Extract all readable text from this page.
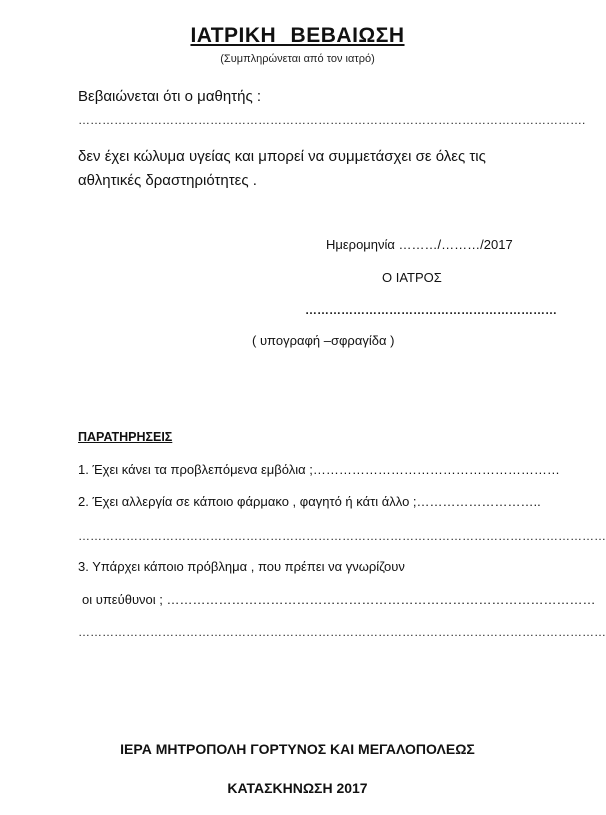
ΙΑΤΡΙΚΗ ΒΕΒΑΙΩΣΗ
(Συμπληρώνεται από τον ιατρό)
Βεβαιώνεται ότι ο μαθητής :
……………………………………………………………………………………………………………….
δεν έχει κώλυμα υγείας και μπορεί να συμμετάσχει σε όλες τις
αθλητικές δραστηριότητες .
Ημερομηνία ………/………/2017
Ο ΙΑΤΡΟΣ
………………………………………………………
( υπογραφή –σφραγίδα )
ΠΑΡΑΤΗΡΗΣΕΙΣ
1. Έχει κάνει τα προβλεπόμενα εμβόλια ;…………………………………………………
2. Έχει αλλεργία σε κάποιο φάρμακο , φαγητό ή κάτι άλλο ;………………………..
……………………………………………………………………………………………………………………
3. Υπάρχει κάποιο πρόβλημα , που πρέπει να γνωρίζουν
οι υπεύθυνοι ; ………………………………………………………………………………………
……………………………………………………………………………………………………………………
ΙΕΡΑ ΜΗΤΡΟΠΟΛΗ ΓΟΡΤΥΝΟΣ ΚΑΙ ΜΕΓΑΛΟΠΟΛΕΩΣ
ΚΑΤΑΣΚΗΝΩΣΗ 2017
